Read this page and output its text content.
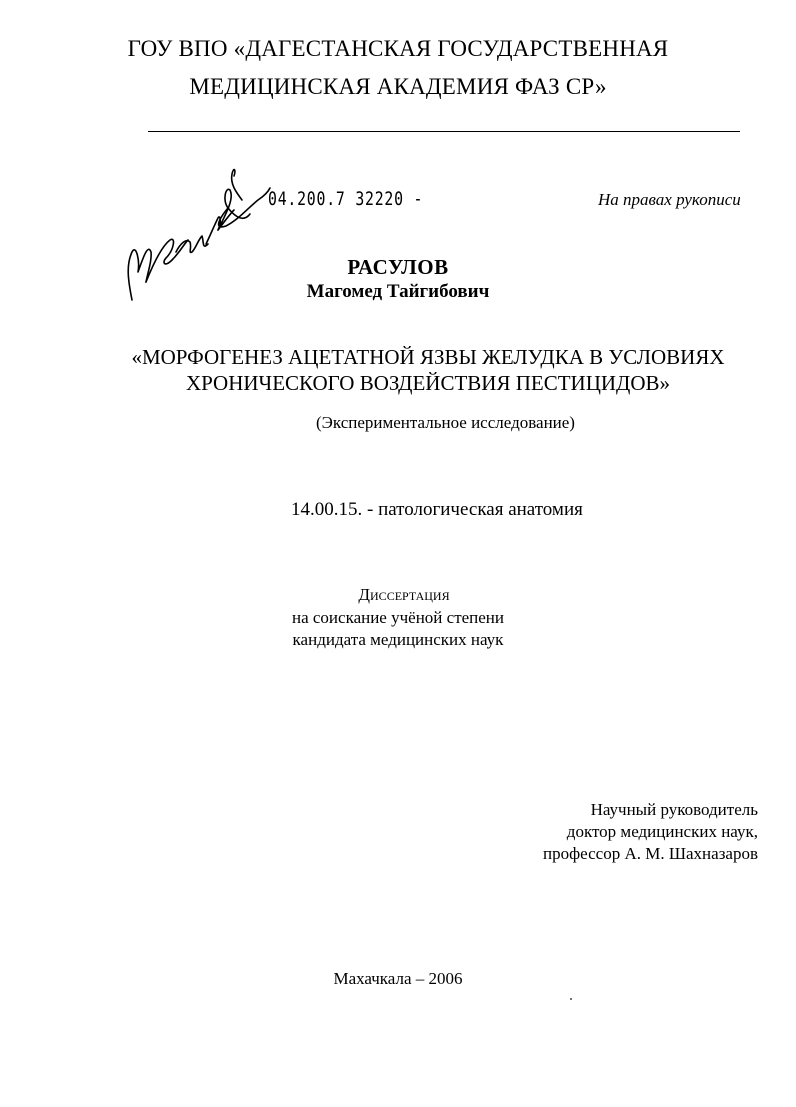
ГОУ ВПО «ДАГЕСТАНСКАЯ ГОСУДАРСТВЕННАЯ
МЕДИЦИНСКАЯ АКАДЕМИЯ ФАЗ СР»
04.200.7 32220 -	На правах рукописи
РАСУЛОВ
Магомед Тайгибович
«МОРФОГЕНЕЗ АЦЕТАТНОЙ ЯЗВЫ ЖЕЛУДКА В УСЛОВИЯХ
ХРОНИЧЕСКОГО ВОЗДЕЙСТВИЯ ПЕСТИЦИДОВ»
(Экспериментальное исследование)
14.00.15. - патологическая анатомия
Диссертация
на соискание учёной степени
кандидата медицинских наук
Научный руководитель
доктор медицинских наук,
профессор А. М. Шахназаров
Махачкала – 2006
